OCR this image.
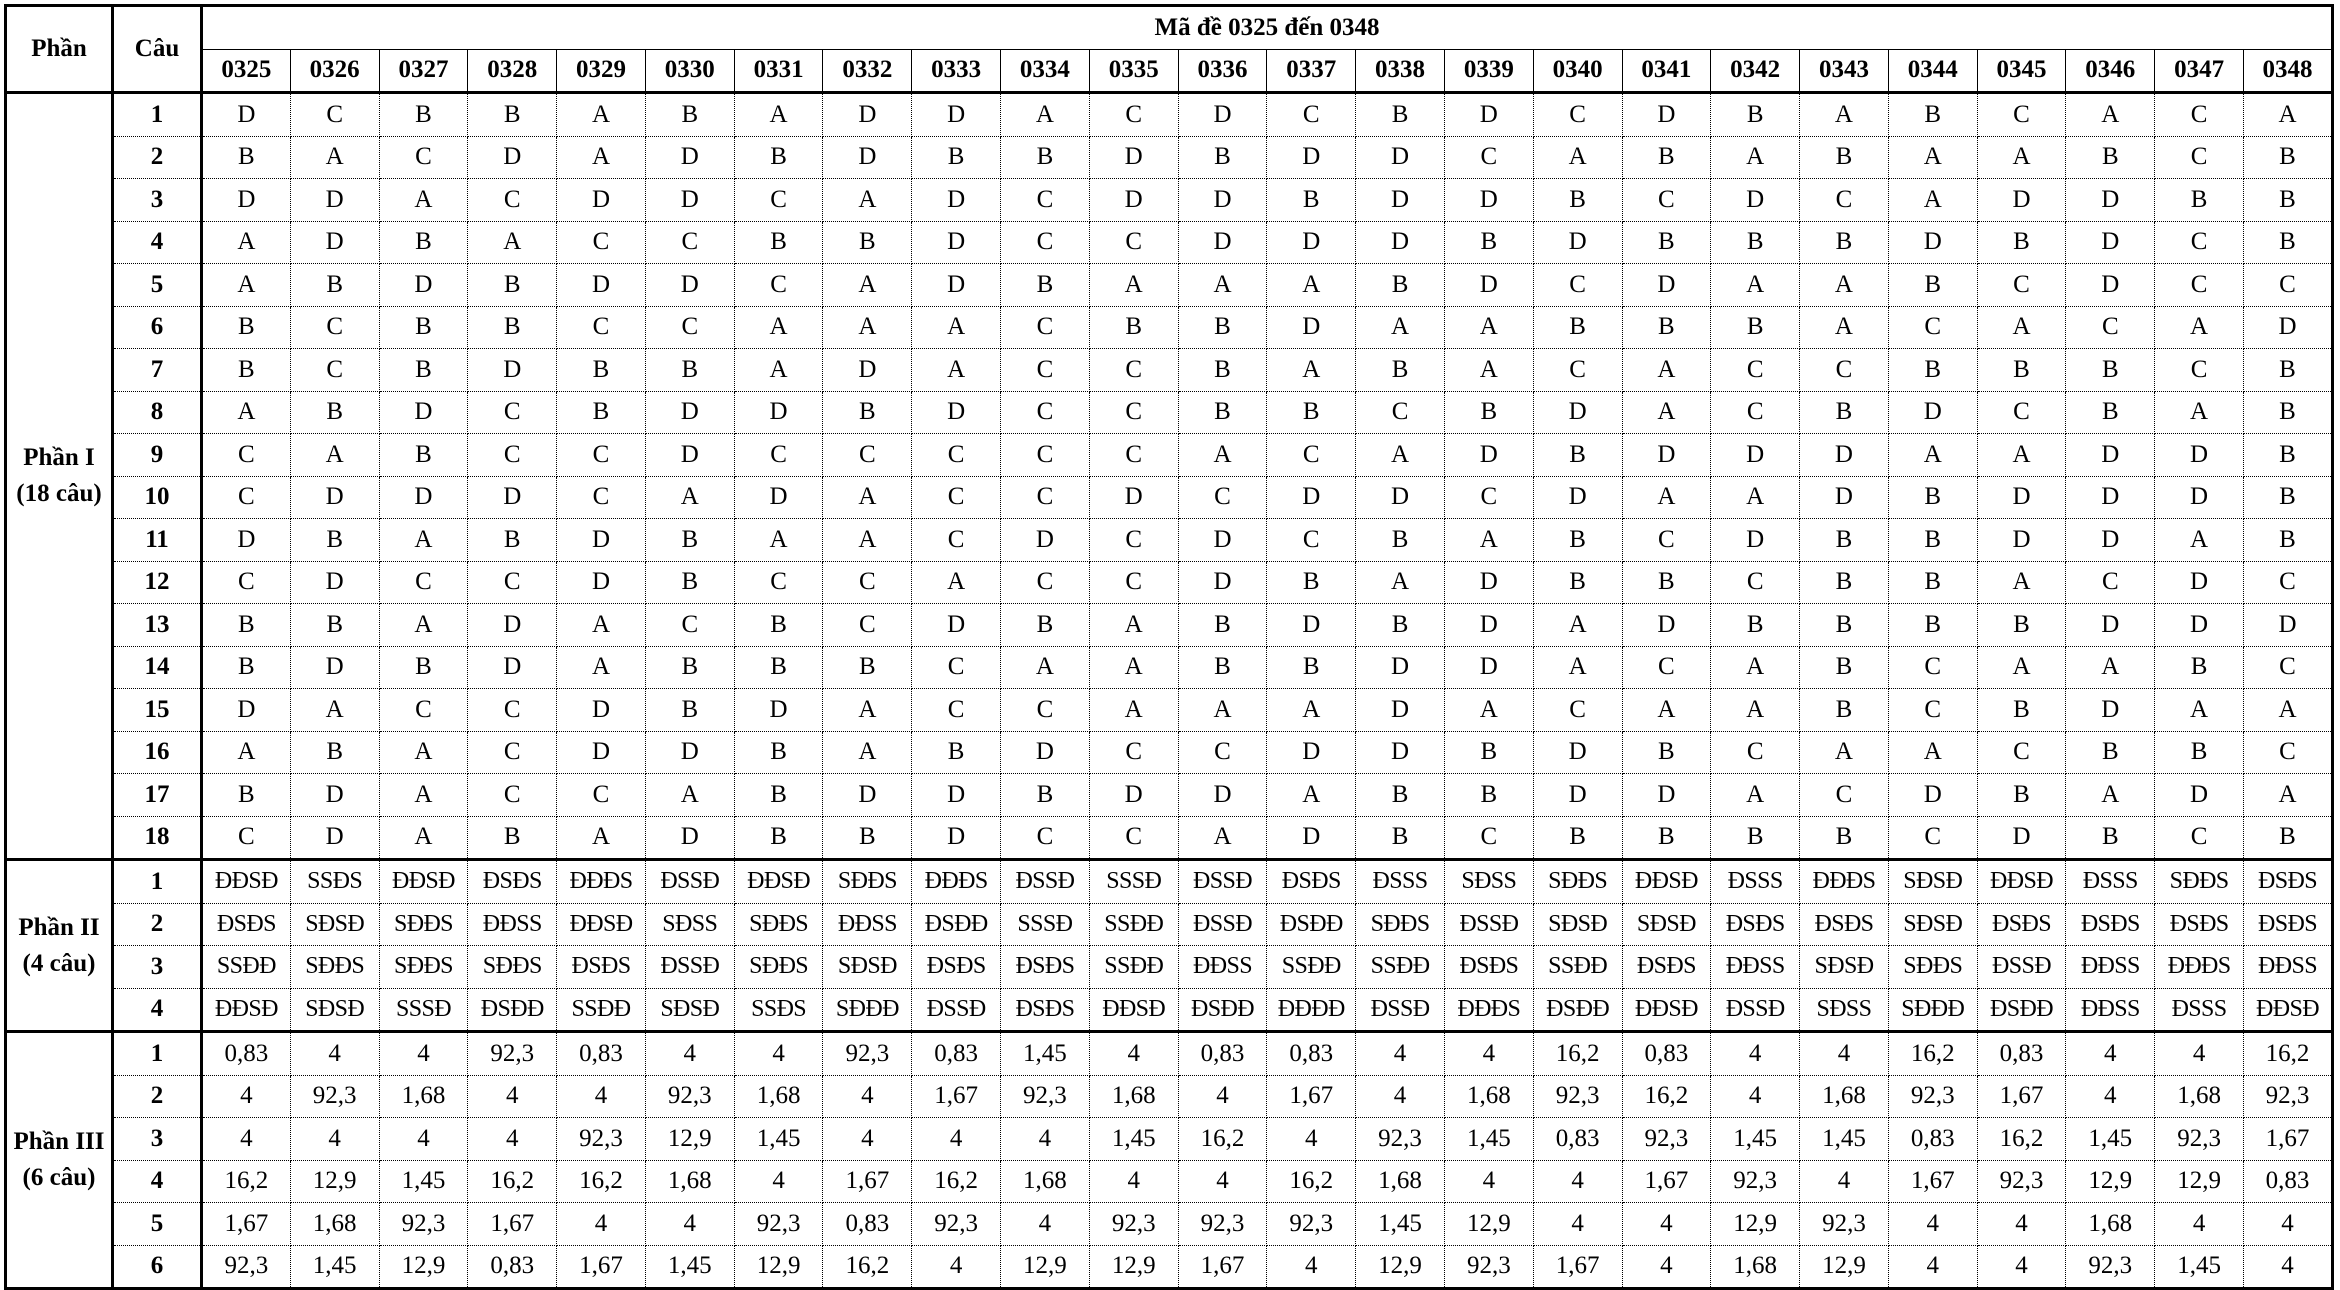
Phần	Câu	Mã đề 0325 đến 0348																							
		0325	0326	0327	0328	0329	0330	0331	0332	0333	0334	0335	0336	0337	0338	0339	0340	0341	0342	0343	0344	0345	0346	0347	0348
Phần I
(18 câu)	1	D	C	B	B	A	B	A	D	D	A	C	D	C	B	D	C	D	B	A	B	C	A	C	A
	2	B	A	C	D	A	D	B	D	B	B	D	B	D	D	C	A	B	A	B	A	A	B	C	B
	3	D	D	A	C	D	D	C	A	D	C	D	D	B	D	D	B	C	D	C	A	D	D	B	B
	4	A	D	B	A	C	C	B	B	D	C	C	D	D	D	B	D	B	B	B	D	B	D	C	B
	5	A	B	D	B	D	D	C	A	D	B	A	A	A	B	D	C	D	A	A	B	C	D	C	C
	6	B	C	B	B	C	C	A	A	A	C	B	B	D	A	A	B	B	B	A	C	A	C	A	D
	7	B	C	B	D	B	B	A	D	A	C	C	B	A	B	A	C	A	C	C	B	B	B	C	B
	8	A	B	D	C	B	D	D	B	D	C	C	B	B	C	B	D	A	C	B	D	C	B	A	B
	9	C	A	B	C	C	D	C	C	C	C	C	A	C	A	D	B	D	D	D	A	A	D	D	B
	10	C	D	D	D	C	A	D	A	C	C	D	C	D	D	C	D	A	A	D	B	D	D	D	B
	11	D	B	A	B	D	B	A	A	C	D	C	D	C	B	A	B	C	D	B	B	D	D	A	B
	12	C	D	C	C	D	B	C	C	A	C	C	D	B	A	D	B	B	C	B	B	A	C	D	C
	13	B	B	A	D	A	C	B	C	D	B	A	B	D	B	D	A	D	B	B	B	B	D	D	D
	14	B	D	B	D	A	B	B	B	C	A	A	B	B	D	D	A	C	A	B	C	A	A	B	C
	15	D	A	C	C	D	B	D	A	C	C	A	A	A	D	A	C	A	A	B	C	B	D	A	A
	16	A	B	A	C	D	D	B	A	B	D	C	C	D	D	B	D	B	C	A	A	C	B	B	C
	17	B	D	A	C	C	A	B	D	D	B	D	D	A	B	B	D	D	A	C	D	B	A	D	A
	18	C	D	A	B	A	D	B	B	D	C	C	A	D	B	C	B	B	B	B	C	D	B	C	B
Phần II
(4 câu)	1	ĐĐSĐ	SSĐS	ĐĐSĐ	ĐSĐS	ĐĐĐS	ĐSSĐ	ĐĐSĐ	SĐĐS	ĐĐĐS	ĐSSĐ	SSSĐ	ĐSSĐ	ĐSĐS	ĐSSS	SĐSS	SĐĐS	ĐĐSĐ	ĐSSS	ĐĐĐS	SĐSĐ	ĐĐSĐ	ĐSSS	SĐĐS	ĐSĐS
	2	ĐSĐS	SĐSĐ	SĐĐS	ĐĐSS	ĐĐSĐ	SĐSS	SĐĐS	ĐĐSS	ĐSĐĐ	SSSĐ	SSĐĐ	ĐSSĐ	ĐSĐĐ	SĐĐS	ĐSSĐ	SĐSĐ	SĐSĐ	ĐSĐS	ĐSĐS	SĐSĐ	ĐSĐS	ĐSĐS	ĐSĐS	ĐSĐS
	3	SSĐĐ	SĐĐS	SĐĐS	SĐĐS	ĐSĐS	ĐSSĐ	SĐĐS	SĐSĐ	ĐSĐS	ĐSĐS	SSĐĐ	ĐĐSS	SSĐĐ	SSĐĐ	ĐSĐS	SSĐĐ	ĐSĐS	ĐĐSS	SĐSĐ	SĐĐS	ĐSSĐ	ĐĐSS	ĐĐĐS	ĐĐSS
	4	ĐĐSĐ	SĐSĐ	SSSĐ	ĐSĐĐ	SSĐĐ	SĐSĐ	SSĐS	SĐĐĐ	ĐSSĐ	ĐSĐS	ĐĐSĐ	ĐSĐĐ	ĐĐĐĐ	ĐSSĐ	ĐĐĐS	ĐSĐĐ	ĐĐSĐ	ĐSSĐ	SĐSS	SĐĐĐ	ĐSĐĐ	ĐĐSS	ĐSSS	ĐĐSĐ
Phần III
(6 câu)	1	0,83	4	4	92,3	0,83	4	4	92,3	0,83	1,45	4	0,83	0,83	4	4	16,2	0,83	4	4	16,2	0,83	4	4	16,2
	2	4	92,3	1,68	4	4	92,3	1,68	4	1,67	92,3	1,68	4	1,67	4	1,68	92,3	16,2	4	1,68	92,3	1,67	4	1,68	92,3
	3	4	4	4	4	92,3	12,9	1,45	4	4	4	1,45	16,2	4	92,3	1,45	0,83	92,3	1,45	1,45	0,83	16,2	1,45	92,3	1,67
	4	16,2	12,9	1,45	16,2	16,2	1,68	4	1,67	16,2	1,68	4	4	16,2	1,68	4	4	1,67	92,3	4	1,67	92,3	12,9	12,9	0,83
	5	1,67	1,68	92,3	1,67	4	4	92,3	0,83	92,3	4	92,3	92,3	92,3	1,45	12,9	4	4	12,9	92,3	4	4	1,68	4	4
	6	92,3	1,45	12,9	0,83	1,67	1,45	12,9	16,2	4	12,9	12,9	1,67	4	12,9	92,3	1,67	4	1,68	12,9	4	4	92,3	1,45	4
